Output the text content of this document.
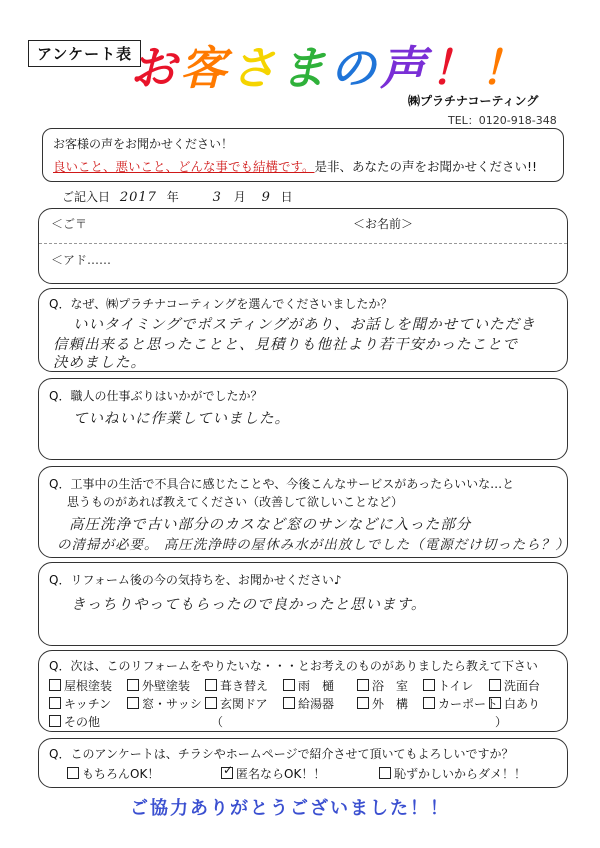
アンケート表
お客さまの声！！
㈱プラチナコーティング
TEL：0120-918-348
お客様の声をお聞かせください！
良いこと、悪いこと、どんな事でも結構です。是非、あなたの声をお聞かせください!!
ご記入日 2017 年	3 月 9 日
＜ご〒	＜お名前＞
＜アド……
Q．なぜ、㈱プラチナコーティングを選んでくださいましたか？
いいタイミングでポスティングがあり、お話しを聞かせていただき
信頼出来ると思ったことと、見積りも他社より若干安かったことで
決めました。
Q．職人の仕事ぶりはいかがでしたか？
ていねいに作業していました。
Q．工事中の生活で不具合に感じたことや、今後こんなサービスがあったらいいな…と
思うものがあれば教えてください（改善して欲しいことなど）
高圧洗浄で古い部分のカスなど窓のサンなどに入った部分
の清掃が必要。 高圧洗浄時の屋休み水が出放しでした（電源だけ切ったら？）
Q．リフォーム後の今の気持ちを、お聞かせください♪
きっちりやってもらったので良かったと思います。
Q．次は、このリフォームをやりたいな・・・とお考えのものがありましたら教えて下さい
屋根塗装	外壁塗装	葺き替え	雨　樋	浴　室	トイレ	洗面台
キッチン	窓・サッシ	玄関ドア	給湯器	外　構	カーポート 白あり
その他	（	）
Q．このアンケートは、チラシやホームページで紹介させて頂いてもよろしいですか？
もちろんOK！	✓ 匿名ならOK！！	恥ずかしいからダメ！！
ご協力ありがとうございました！！
